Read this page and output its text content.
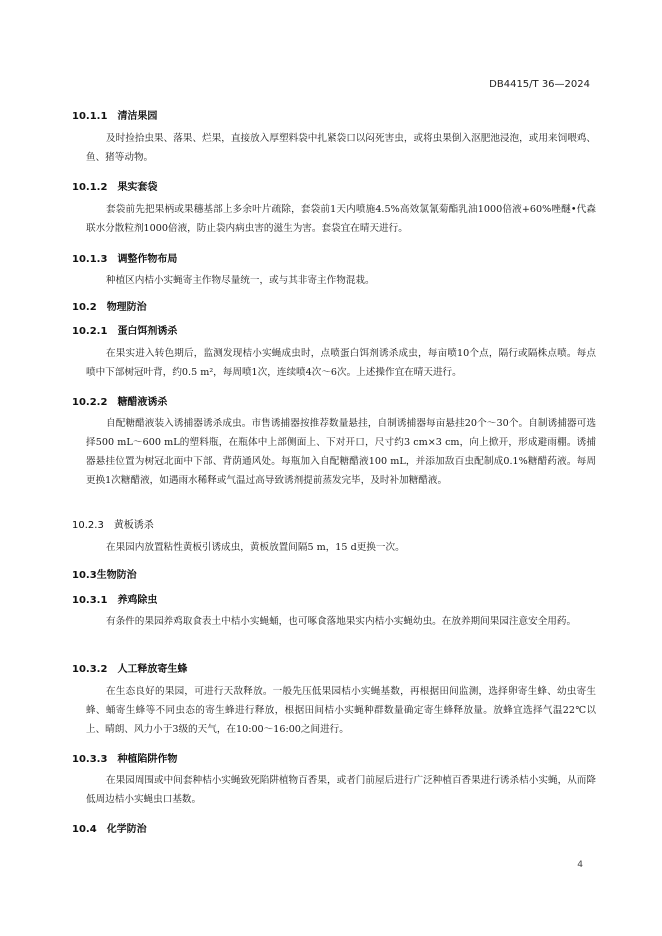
DB4415/T 36—2024
10.1.1 清洁果园

及时捡拾虫果、落果、烂果，直接放入厚塑料袋中扎紧袋口以闷死害虫，或将虫果倒入沤肥池浸泡，或用来饲喂鸡、鱼、猪等动物。

10.1.2 果实套袋

套袋前先把果柄或果穗基部上多余叶片疏除，套袋前1天内喷施4.5%高效氯氰菊酯乳油1000倍液+60%唑醚•代森联水分散粒剂1000倍液，防止袋内病虫害的滋生为害。套袋宜在晴天进行。

10.1.3 调整作物布局

种植区内桔小实蝇寄主作物尽量统一，或与其非寄主作物混栽。

10.2 物理防治
10.2.1 蛋白饵剂诱杀

在果实进入转色期后，监测发现桔小实蝇成虫时，点喷蛋白饵剂诱杀成虫，每亩喷10个点，隔行或隔株点喷。每点喷中下部树冠叶背，约0.5 m²，每周喷1次，连续喷4次～6次。上述操作宜在晴天进行。

10.2.2 糖醋液诱杀

自配糖醋液装入诱捕器诱杀成虫。市售诱捕器按推荐数量悬挂，自制诱捕器每亩悬挂20个～30个。自制诱捕器可选择500 mL～600 mL的塑料瓶，在瓶体中上部侧面上、下对开口，尺寸约3 cm×3 cm，向上掀开，形成避雨棚。诱捕器悬挂位置为树冠北面中下部、背荫通风处。每瓶加入自配糖醋液100 mL，并添加敌百虫配制成0.1%糖醋药液。每周更换1次糖醋液，如遇雨水稀释或气温过高导致诱剂提前蒸发完毕，及时补加糖醋液。

10.2.3 黄板诱杀

在果园内放置粘性黄板引诱成虫，黄板放置间隔5 m，15 d更换一次。

10.3生物防治
10.3.1 养鸡除虫

有条件的果园养鸡取食表土中桔小实蝇蛹，也可啄食落地果实内桔小实蝇幼虫。在放养期间果园注意安全用药。

10.3.2 人工释放寄生蜂

在生态良好的果园，可进行天敌释放。一般先压低果园桔小实蝇基数，再根据田间监测，选择卵寄生蜂、幼虫寄生蜂、蛹寄生蜂等不同虫态的寄生蜂进行释放，根据田间桔小实蝇种群数量确定寄生蜂释放量。放蜂宜选择气温22℃以上、晴朗、风力小于3级的天气，在10:00～16:00之间进行。

10.3.3 种植陷阱作物

在果园周围或中间套种桔小实蝇致死陷阱植物百香果，或者门前屋后进行广泛种植百香果进行诱杀桔小实蝇，从而降低周边桔小实蝇虫口基数。

10.4 化学防治
4
